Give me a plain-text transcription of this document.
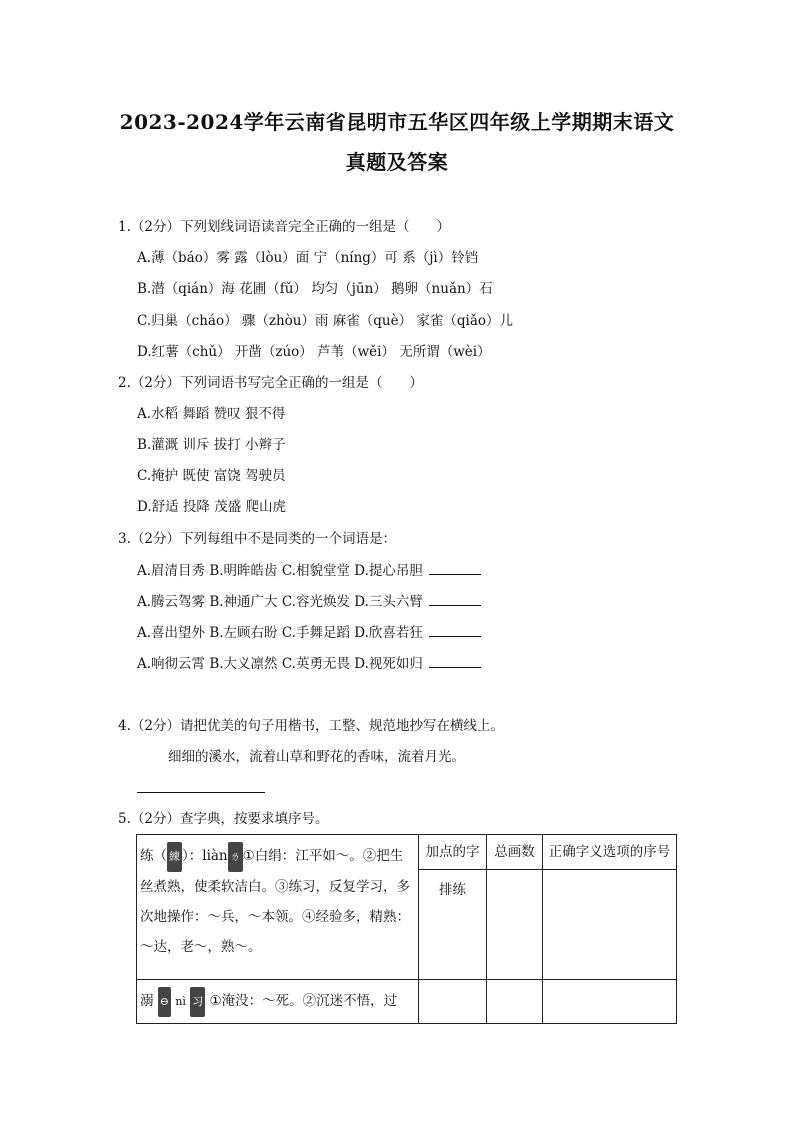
2023-2024学年云南省昆明市五华区四年级上学期期末语文
真题及答案
1.（2分）下列划线词语读音完全正确的一组是（　　）
A.薄（báo）雾 露（lòu）面 宁（níng）可 系（jì）铃铛
B.潜（qián）海 花圃（fǔ） 均匀（jūn） 鹅卵（nuǎn）石
C.归巢（cháo） 骤（zhòu）雨 麻雀（què） 家雀（qiǎo）儿
D.红薯（chǔ） 开凿（zúo） 芦苇（wěi） 无所谓（wèi）
2.（2分）下列词语书写完全正确的一组是（　　）
A.水稻 舞蹈 赞叹 狠不得
B.灌溉 训斥 拔打 小辫子
C.掩护 既使 富饶 驾驶员
D.舒适 投降 茂盛 爬山虎
3.（2分）下列每组中不是同类的一个词语是：
A.眉清目秀 B.明眸皓齿 C.相貌堂堂 D.提心吊胆
A.腾云驾雾 B.神通广大 C.容光焕发 D.三头六臂
A.喜出望外 B.左顾右盼 C.手舞足蹈 D.欣喜若狂
A.响彻云霄 B.大义凛然 C.英勇无畏 D.视死如归
4.（2分）请把优美的句子用楷书，工整、规范地抄写在横线上。
细细的溪水，流着山草和野花的香味，流着月光。
5.（2分）查字典，按要求填序号。
练（ 練 ）：liàn ㄌ ①白绢：江平如～。②把生丝煮熟，使柔软洁白。③练习，反复学习，多次地操作：～兵，～本领。④经验多，精熟：～达，老～，熟～。	加点的字	总画数	正确字义选项的序号
	排练		

溺 ⊖ nì 习 ①淹没：～死。②沉迷不悟，过			
